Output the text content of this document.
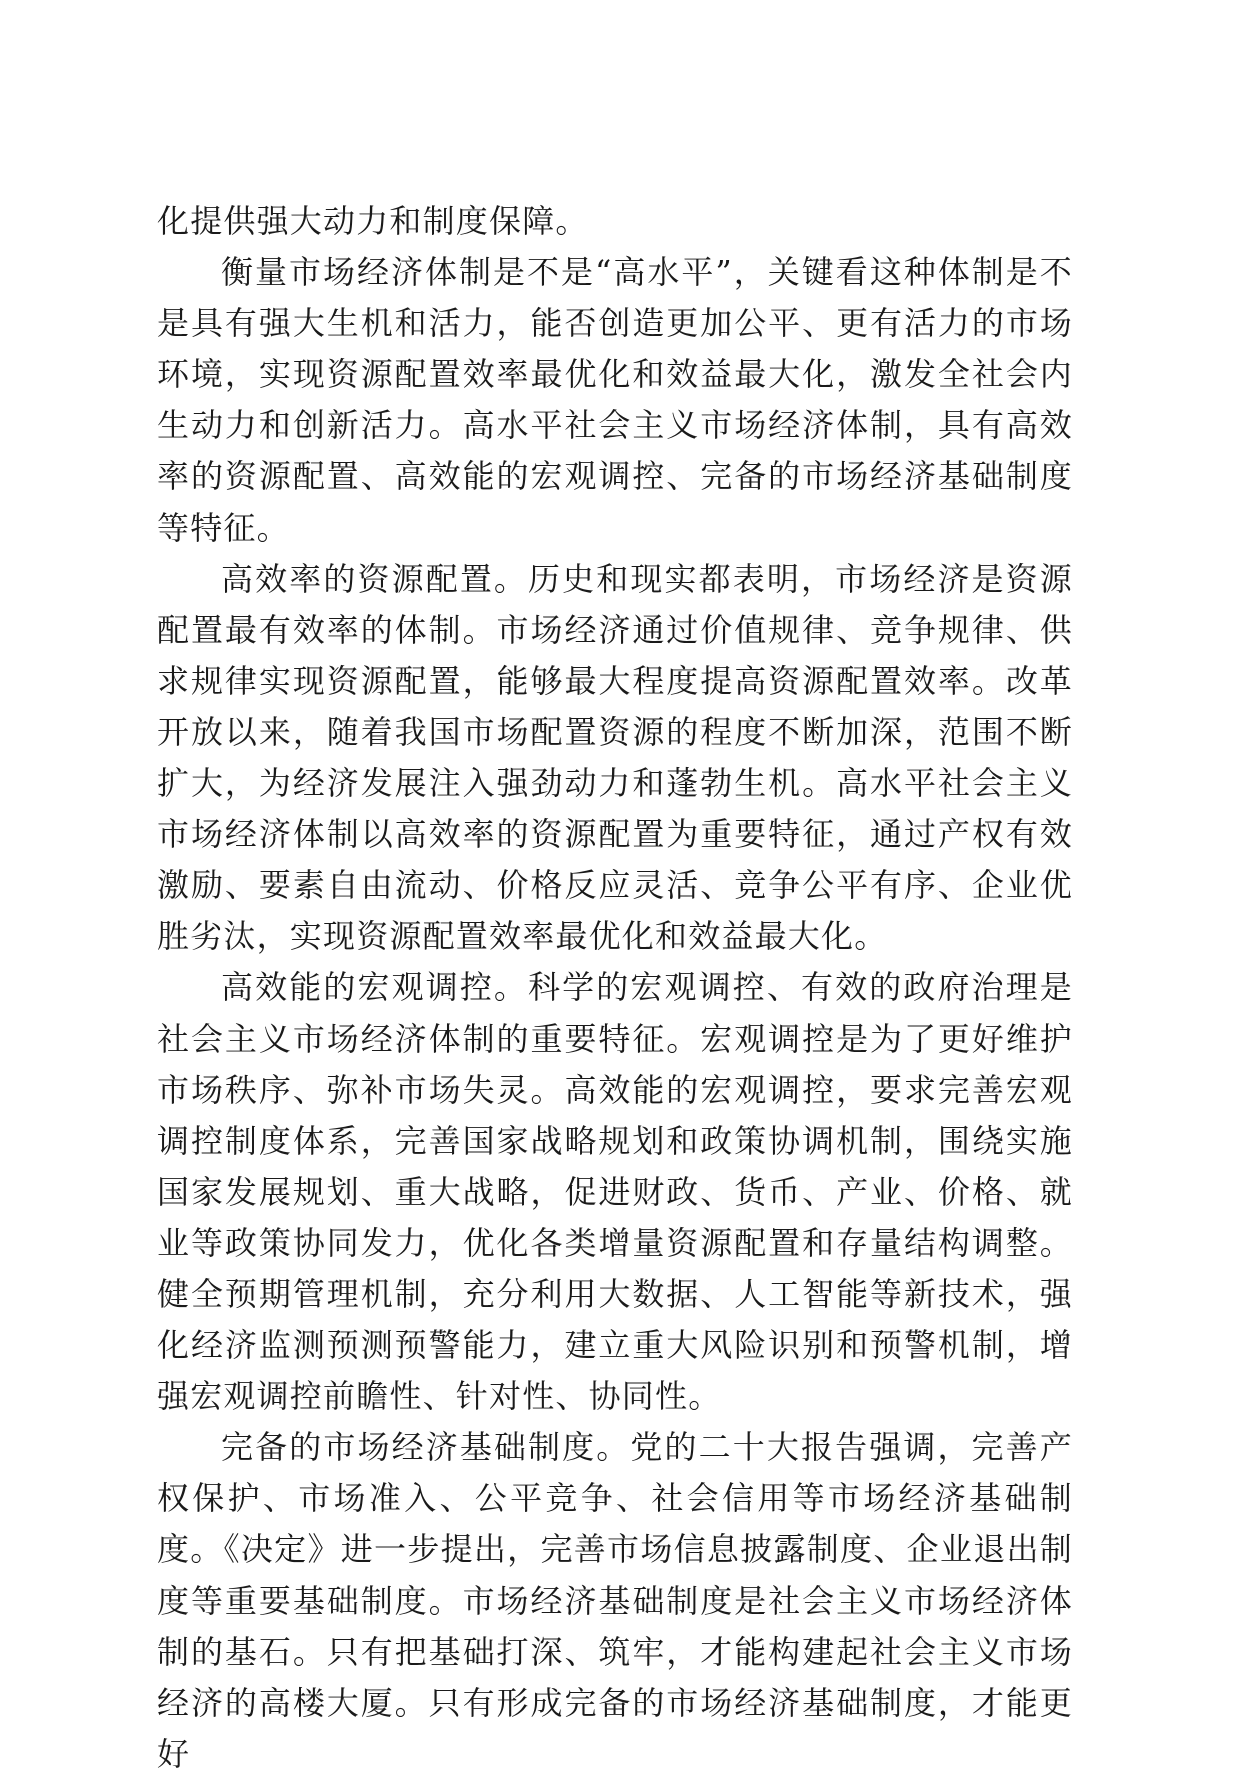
化提供强大动力和制度保障。

衡量市场经济体制是不是“高水平”，关键看这种体制是不是具有强大生机和活力，能否创造更加公平、更有活力的市场环境，实现资源配置效率最优化和效益最大化，激发全社会内生动力和创新活力。高水平社会主义市场经济体制，具有高效率的资源配置、高效能的宏观调控、完备的市场经济基础制度等特征。

高效率的资源配置。历史和现实都表明，市场经济是资源配置最有效率的体制。市场经济通过价值规律、竞争规律、供求规律实现资源配置，能够最大程度提高资源配置效率。改革开放以来，随着我国市场配置资源的程度不断加深，范围不断扩大，为经济发展注入强劲动力和蓬勃生机。高水平社会主义市场经济体制以高效率的资源配置为重要特征，通过产权有效激励、要素自由流动、价格反应灵活、竞争公平有序、企业优胜劣汰，实现资源配置效率最优化和效益最大化。

高效能的宏观调控。科学的宏观调控、有效的政府治理是社会主义市场经济体制的重要特征。宏观调控是为了更好维护市场秩序、弥补市场失灵。高效能的宏观调控，要求完善宏观调控制度体系，完善国家战略规划和政策协调机制，围绕实施国家发展规划、重大战略，促进财政、货币、产业、价格、就业等政策协同发力，优化各类增量资源配置和存量结构调整。健全预期管理机制，充分利用大数据、人工智能等新技术，强化经济监测预测预警能力，建立重大风险识别和预警机制，增强宏观调控前瞻性、针对性、协同性。

完备的市场经济基础制度。党的二十大报告强调，完善产权保护、市场准入、公平竞争、社会信用等市场经济基础制度。《决定》进一步提出，完善市场信息披露制度、企业退出制度等重要基础制度。市场经济基础制度是社会主义市场经济体制的基石。只有把基础打深、筑牢，才能构建起社会主义市场经济的高楼大厦。只有形成完备的市场经济基础制度，才能更好
